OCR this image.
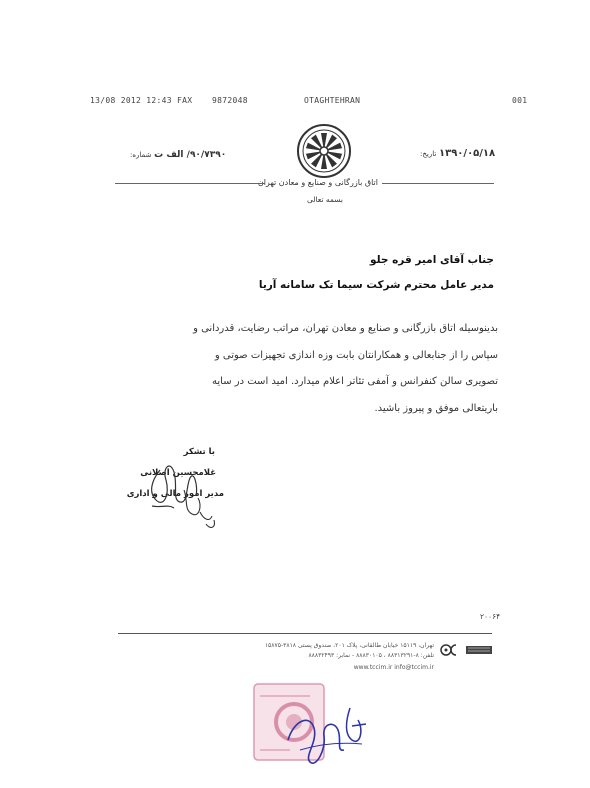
13/08 2012 12:43 FAX 9872048	OTAGHTEHRAN	001
اتاق بازرگانی و صنایع و معادن تهران
بسمه تعالی
۱۳۹۰/۰۵/۱۸ تاریخ:
۹۰/۷۳۹۰/ الف ت شماره:
جناب آقای امیر قره جلو
مدیر عامل محترم شرکت سیما تک سامانه آریا
بدینوسیله اتاق بازرگانی و صنایع و معادن تهران، مراتب رضایت، قدردانی و
سپاس را از جنابعالی و همکارانتان بابت وزه اندازی تجهیزات صوتی و
تصویری سالن کنفرانس و آمفی تئاتر اعلام میدارد. امید است در سایه
باریتعالی موفق و پیروز باشید.
با تشکر
غلامحسین اصلانی
مدیر امور مالی و اداری
۲۰۰۶۴
تهران، ۱۵۱۱۹ خیابان طالقانی، پلاک ۲۰۱، صندوق پستی ۳۸۱۸-۱۵۸۷۵
تلفن: ۸-۸۸۳۱۳۲۹۱ ، ۸۸۸۳۰۱۰۵ - نمابر: ۸۸۸۳۲۴۹۳
www.tccim.ir info@tccim.ir
